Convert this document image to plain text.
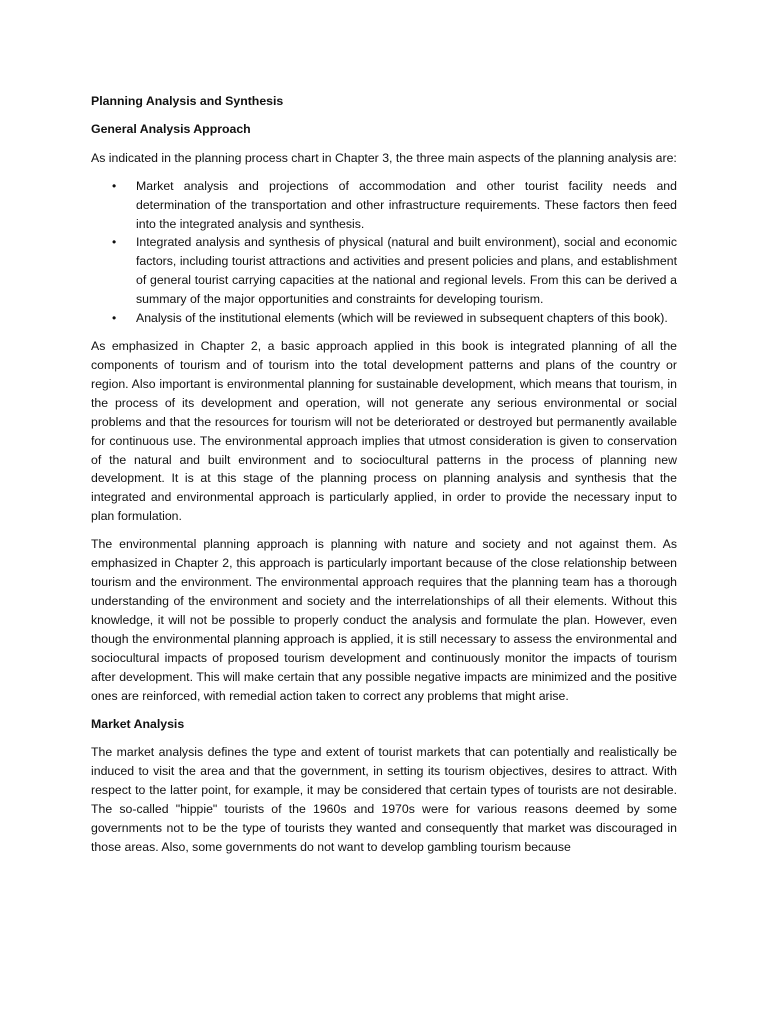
Planning Analysis and Synthesis
General Analysis Approach

As indicated in the planning process chart in Chapter 3, the three main aspects of the planning analysis are:

• Market analysis and projections of accommodation and other tourist facility needs and determination of the transportation and other infrastructure requirements. These factors then feed into the integrated analysis and synthesis.
• Integrated analysis and synthesis of physical (natural and built environment), social and economic factors, including tourist attractions and activities and present policies and plans, and establishment of general tourist carrying capacities at the national and regional levels. From this can be derived a summary of the major opportunities and constraints for developing tourism.
• Analysis of the institutional elements (which will be reviewed in subsequent chapters of this book).

As emphasized in Chapter 2, a basic approach applied in this book is integrated planning of all the components of tourism and of tourism into the total development patterns and plans of the country or region. Also important is environmental planning for sustainable development, which means that tourism, in the process of its development and operation, will not generate any serious environmental or social problems and that the resources for tourism will not be deteriorated or destroyed but permanently available for continuous use. The environmental approach implies that utmost consideration is given to conservation of the natural and built environment and to sociocultural patterns in the process of planning new development. It is at this stage of the planning process on planning analysis and synthesis that the integrated and environmental approach is particularly applied, in order to provide the necessary input to plan formulation.

The environmental planning approach is planning with nature and society and not against them. As emphasized in Chapter 2, this approach is particularly important because of the close relationship between tourism and the environment. The environmental approach requires that the planning team has a thorough understanding of the environment and society and the interrelationships of all their elements. Without this knowledge, it will not be possible to properly conduct the analysis and formulate the plan. However, even though the environmental planning approach is applied, it is still necessary to assess the environmental and sociocultural impacts of proposed tourism development and continuously monitor the impacts of tourism after development. This will make certain that any possible negative impacts are minimized and the positive ones are reinforced, with remedial action taken to correct any problems that might arise.

Market Analysis

The market analysis defines the type and extent of tourist markets that can potentially and realistically be induced to visit the area and that the government, in setting its tourism objectives, desires to attract. With respect to the latter point, for example, it may be considered that certain types of tourists are not desirable. The so-called "hippie" tourists of the 1960s and 1970s were for various reasons deemed by some governments not to be the type of tourists they wanted and consequently that market was discouraged in those areas. Also, some governments do not want to develop gambling tourism because
